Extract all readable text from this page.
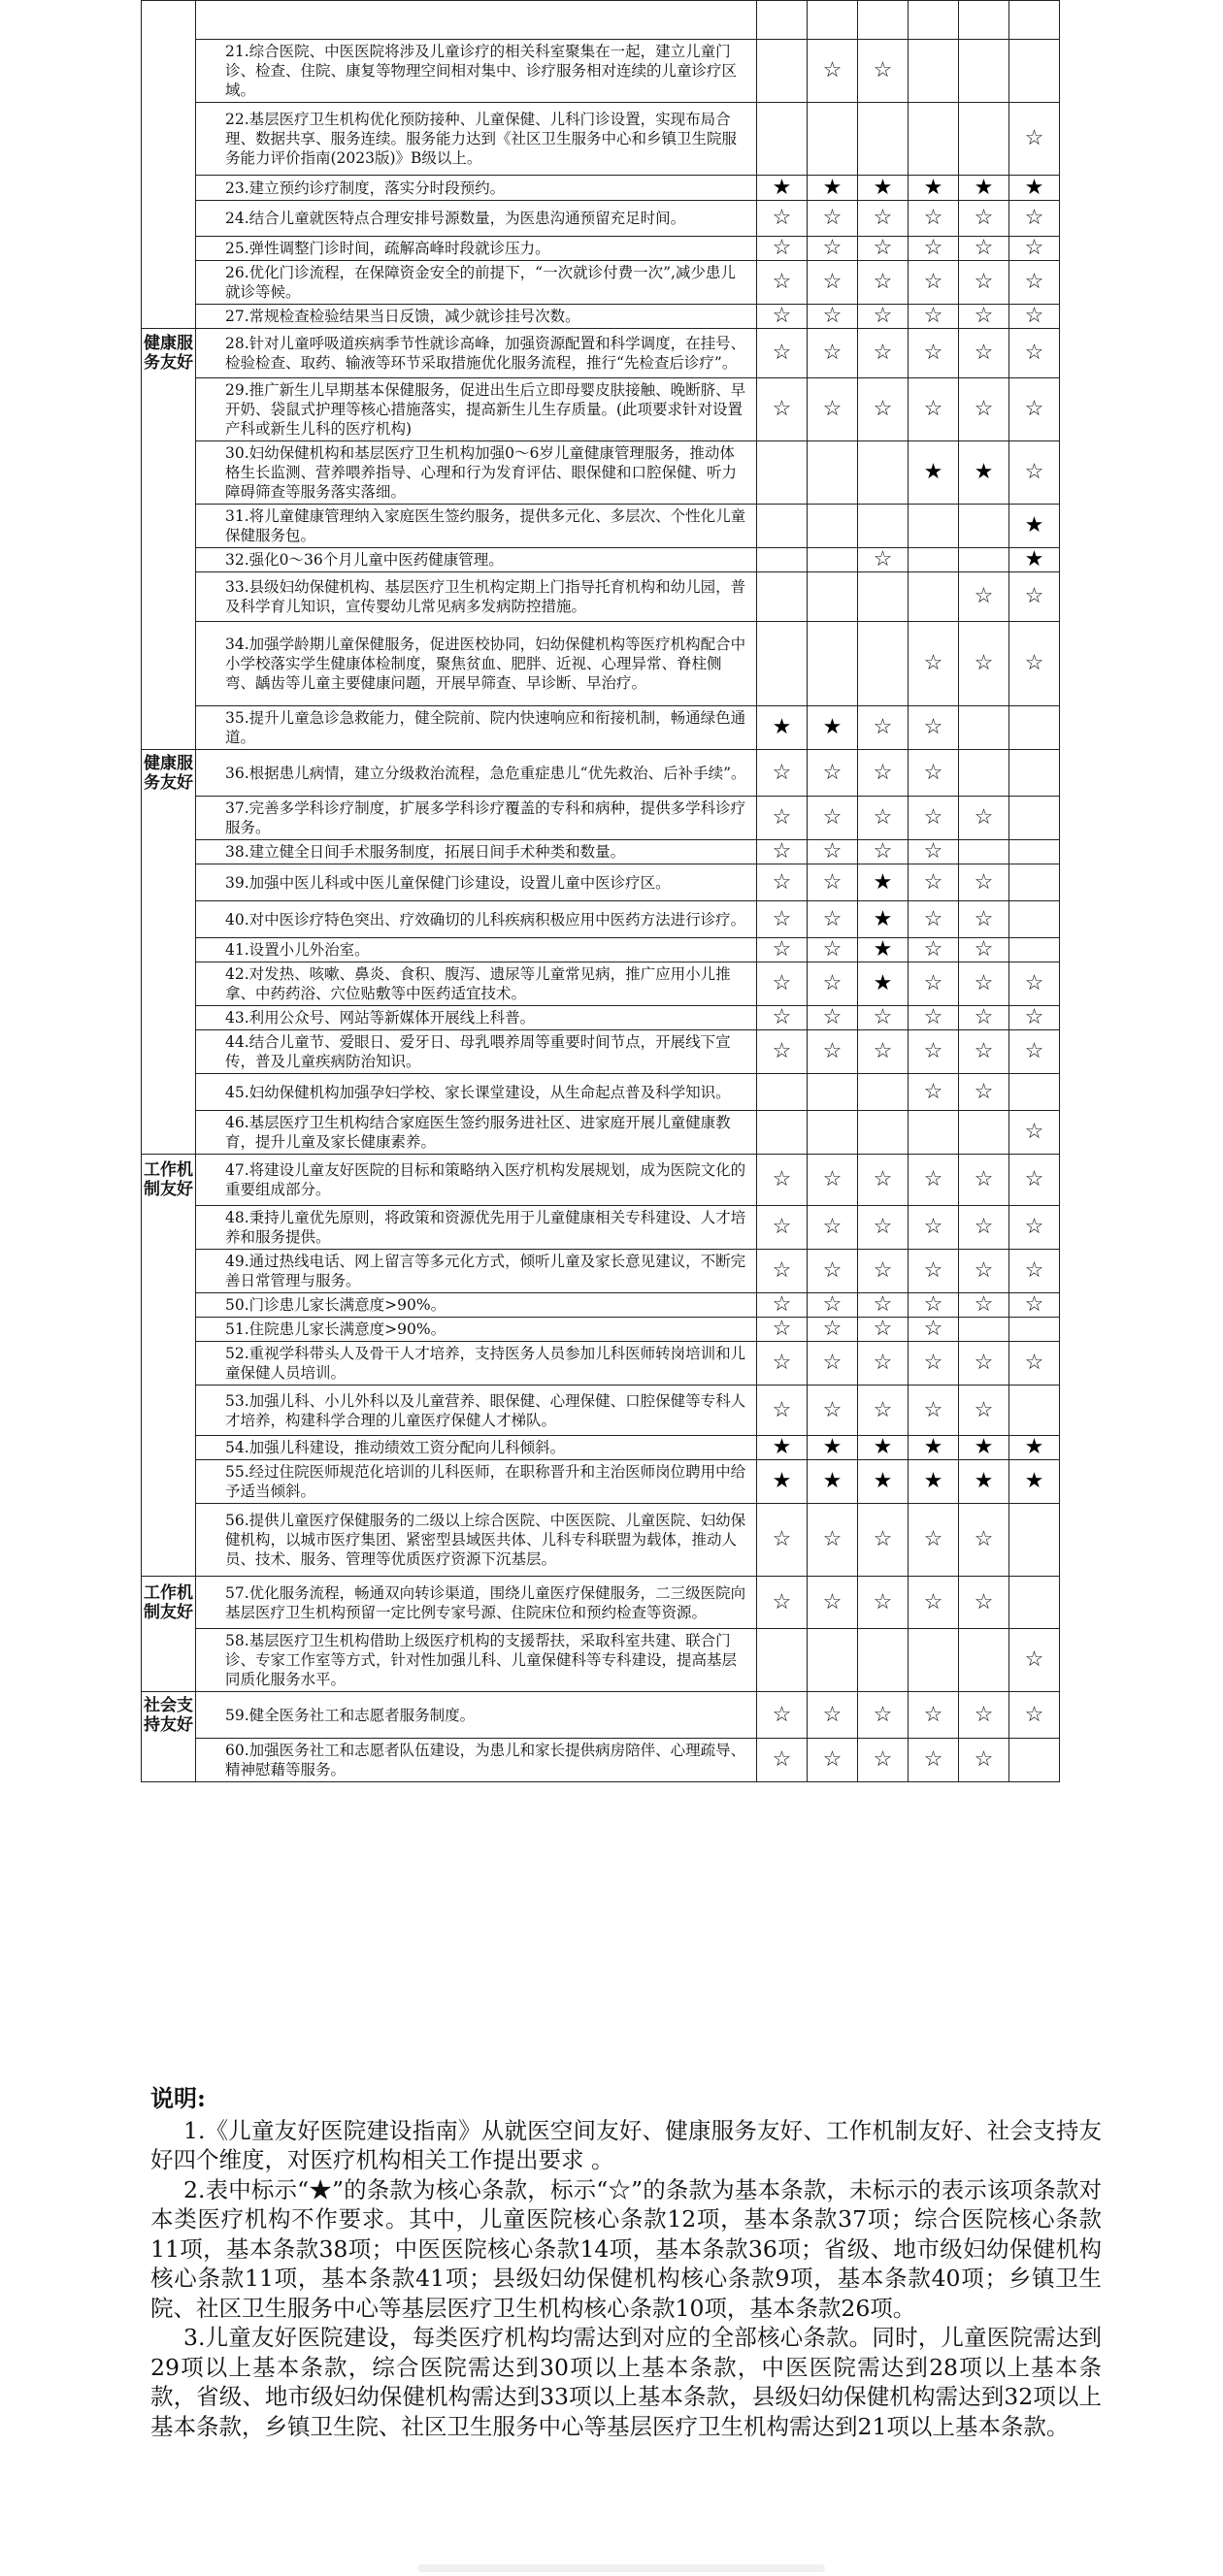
	21.综合医院、中医医院将涉及儿童诊疗的相关科室聚集在一起，建立儿童门诊、检查、住院、康复等物理空间相对集中、诊疗服务相对连续的儿童诊疗区域。		☆	☆			
	22.基层医疗卫生机构优化预防接种、儿童保健、儿科门诊设置，实现布局合理、数据共享、服务连续。服务能力达到《社区卫生服务中心和乡镇卫生院服务能力评价指南(2023版)》B级以上。						☆
	23.建立预约诊疗制度，落实分时段预约。	★	★	★	★	★	★
	24.结合儿童就医特点合理安排号源数量，为医患沟通预留充足时间。	☆	☆	☆	☆	☆	☆
	25.弹性调整门诊时间，疏解高峰时段就诊压力。	☆	☆	☆	☆	☆	☆
	26.优化门诊流程，在保障资金安全的前提下，“一次就诊付费一次”,减少患儿就诊等候。	☆	☆	☆	☆	☆	☆
	27.常规检查检验结果当日反馈，减少就诊挂号次数。	☆	☆	☆	☆	☆	☆
健康服务友好	28.针对儿童呼吸道疾病季节性就诊高峰，加强资源配置和科学调度，在挂号、检验检查、取药、输液等环节采取措施优化服务流程，推行“先检查后诊疗”。	☆	☆	☆	☆	☆	☆
	29.推广新生儿早期基本保健服务，促进出生后立即母婴皮肤接触、晚断脐、早开奶、袋鼠式护理等核心措施落实，提高新生儿生存质量。(此项要求针对设置产科或新生儿科的医疗机构)	☆	☆	☆	☆	☆	☆
	30.妇幼保健机构和基层医疗卫生机构加强0～6岁儿童健康管理服务，推动体格生长监测、营养喂养指导、心理和行为发育评估、眼保健和口腔保健、听力障碍筛查等服务落实落细。				★	★	☆
	31.将儿童健康管理纳入家庭医生签约服务，提供多元化、多层次、个性化儿童保健服务包。						★
	32.强化0～36个月儿童中医药健康管理。			☆			★
	33.县级妇幼保健机构、基层医疗卫生机构定期上门指导托育机构和幼儿园，普及科学育儿知识，宣传婴幼儿常见病多发病防控措施。					☆	☆
	34.加强学龄期儿童保健服务，促进医校协同，妇幼保健机构等医疗机构配合中小学校落实学生健康体检制度，聚焦贫血、肥胖、近视、心理异常、脊柱侧弯、龋齿等儿童主要健康问题，开展早筛查、早诊断、早治疗。				☆	☆	☆
	35.提升儿童急诊急救能力，健全院前、院内快速响应和衔接机制，畅通绿色通道。	★	★	☆	☆		
健康服务友好	36.根据患儿病情，建立分级救治流程，急危重症患儿“优先救治、后补手续”。	☆	☆	☆	☆		
	37.完善多学科诊疗制度，扩展多学科诊疗覆盖的专科和病种，提供多学科诊疗服务。	☆	☆	☆	☆	☆	
	38.建立健全日间手术服务制度，拓展日间手术种类和数量。	☆	☆	☆	☆		
	39.加强中医儿科或中医儿童保健门诊建设，设置儿童中医诊疗区。	☆	☆	★	☆	☆	
	40.对中医诊疗特色突出、疗效确切的儿科疾病积极应用中医药方法进行诊疗。	☆	☆	★	☆	☆	
	41.设置小儿外治室。	☆	☆	★	☆	☆	
	42.对发热、咳嗽、鼻炎、食积、腹泻、遗尿等儿童常见病，推广应用小儿推拿、中药药浴、穴位贴敷等中医药适宜技术。	☆	☆	★	☆	☆	☆
	43.利用公众号、网站等新媒体开展线上科普。	☆	☆	☆	☆	☆	☆
	44.结合儿童节、爱眼日、爱牙日、母乳喂养周等重要时间节点，开展线下宣传，普及儿童疾病防治知识。	☆	☆	☆	☆	☆	☆
	45.妇幼保健机构加强孕妇学校、家长课堂建设，从生命起点普及科学知识。				☆	☆	
	46.基层医疗卫生机构结合家庭医生签约服务进社区、进家庭开展儿童健康教育，提升儿童及家长健康素养。						☆
工作机制友好	47.将建设儿童友好医院的目标和策略纳入医疗机构发展规划，成为医院文化的重要组成部分。	☆	☆	☆	☆	☆	☆
	48.秉持儿童优先原则，将政策和资源优先用于儿童健康相关专科建设、人才培养和服务提供。	☆	☆	☆	☆	☆	☆
	49.通过热线电话、网上留言等多元化方式，倾听儿童及家长意见建议，不断完善日常管理与服务。	☆	☆	☆	☆	☆	☆
	50.门诊患儿家长满意度>90%。	☆	☆	☆	☆	☆	☆
	51.住院患儿家长满意度>90%。	☆	☆	☆	☆		
	52.重视学科带头人及骨干人才培养，支持医务人员参加儿科医师转岗培训和儿童保健人员培训。	☆	☆	☆	☆	☆	☆
	53.加强儿科、小儿外科以及儿童营养、眼保健、心理保健、口腔保健等专科人才培养，构建科学合理的儿童医疗保健人才梯队。	☆	☆	☆	☆	☆	
	54.加强儿科建设，推动绩效工资分配向儿科倾斜。	★	★	★	★	★	★
	55.经过住院医师规范化培训的儿科医师，在职称晋升和主治医师岗位聘用中给予适当倾斜。	★	★	★	★	★	★
	56.提供儿童医疗保健服务的二级以上综合医院、中医医院、儿童医院、妇幼保健机构，以城市医疗集团、紧密型县域医共体、儿科专科联盟为载体，推动人员、技术、服务、管理等优质医疗资源下沉基层。	☆	☆	☆	☆	☆	
工作机制友好	57.优化服务流程，畅通双向转诊渠道，围绕儿童医疗保健服务，二三级医院向基层医疗卫生机构预留一定比例专家号源、住院床位和预约检查等资源。	☆	☆	☆	☆	☆	
	58.基层医疗卫生机构借助上级医疗机构的支援帮扶，采取科室共建、联合门诊、专家工作室等方式，针对性加强儿科、儿童保健科等专科建设，提高基层同质化服务水平。						☆
社会支持友好	59.健全医务社工和志愿者服务制度。	☆	☆	☆	☆	☆	☆
	60.加强医务社工和志愿者队伍建设，为患儿和家长提供病房陪伴、心理疏导、精神慰藉等服务。	☆	☆	☆	☆	☆	
说明:

1.《儿童友好医院建设指南》从就医空间友好、健康服务友好、工作机制友好、社会支持友好四个维度，对医疗机构相关工作提出要求 。

2.表中标示“★”的条款为核心条款，标示“☆”的条款为基本条款，未标示的表示该项条款对本类医疗机构不作要求。其中，儿童医院核心条款12项，基本条款37项；综合医院核心条款11项，基本条款38项；中医医院核心条款14项，基本条款36项；省级、地市级妇幼保健机构核心条款11项，基本条款41项；县级妇幼保健机构核心条款9项，基本条款40项；乡镇卫生院、社区卫生服务中心等基层医疗卫生机构核心条款10项，基本条款26项。

3.儿童友好医院建设，每类医疗机构均需达到对应的全部核心条款。同时，儿童医院需达到29项以上基本条款，综合医院需达到30项以上基本条款，中医医院需达到28项以上基本条款，省级、地市级妇幼保健机构需达到33项以上基本条款，县级妇幼保健机构需达到32项以上基本条款，乡镇卫生院、社区卫生服务中心等基层医疗卫生机构需达到21项以上基本条款。
